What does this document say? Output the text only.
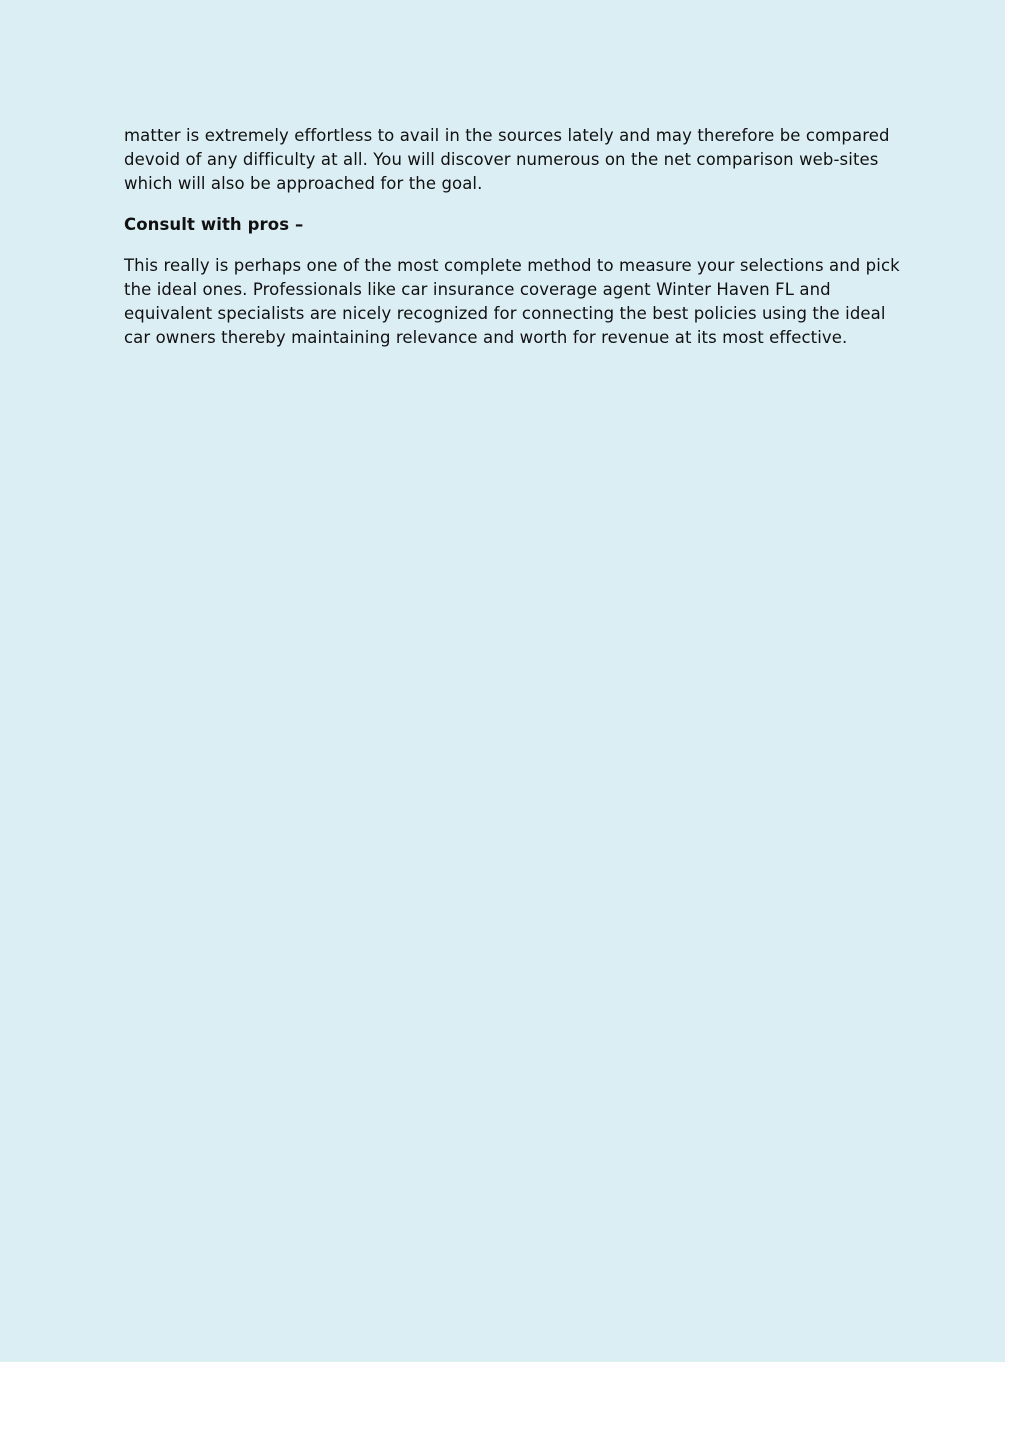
matter is extremely effortless to avail in the sources lately and may therefore be compared devoid of any difficulty at all. You will discover numerous on the net comparison web-sites which will also be approached for the goal.

Consult with pros –

This really is perhaps one of the most complete method to measure your selections and pick the ideal ones. Professionals like car insurance coverage agent Winter Haven FL and equivalent specialists are nicely recognized for connecting the best policies using the ideal car owners thereby maintaining relevance and worth for revenue at its most effective.
